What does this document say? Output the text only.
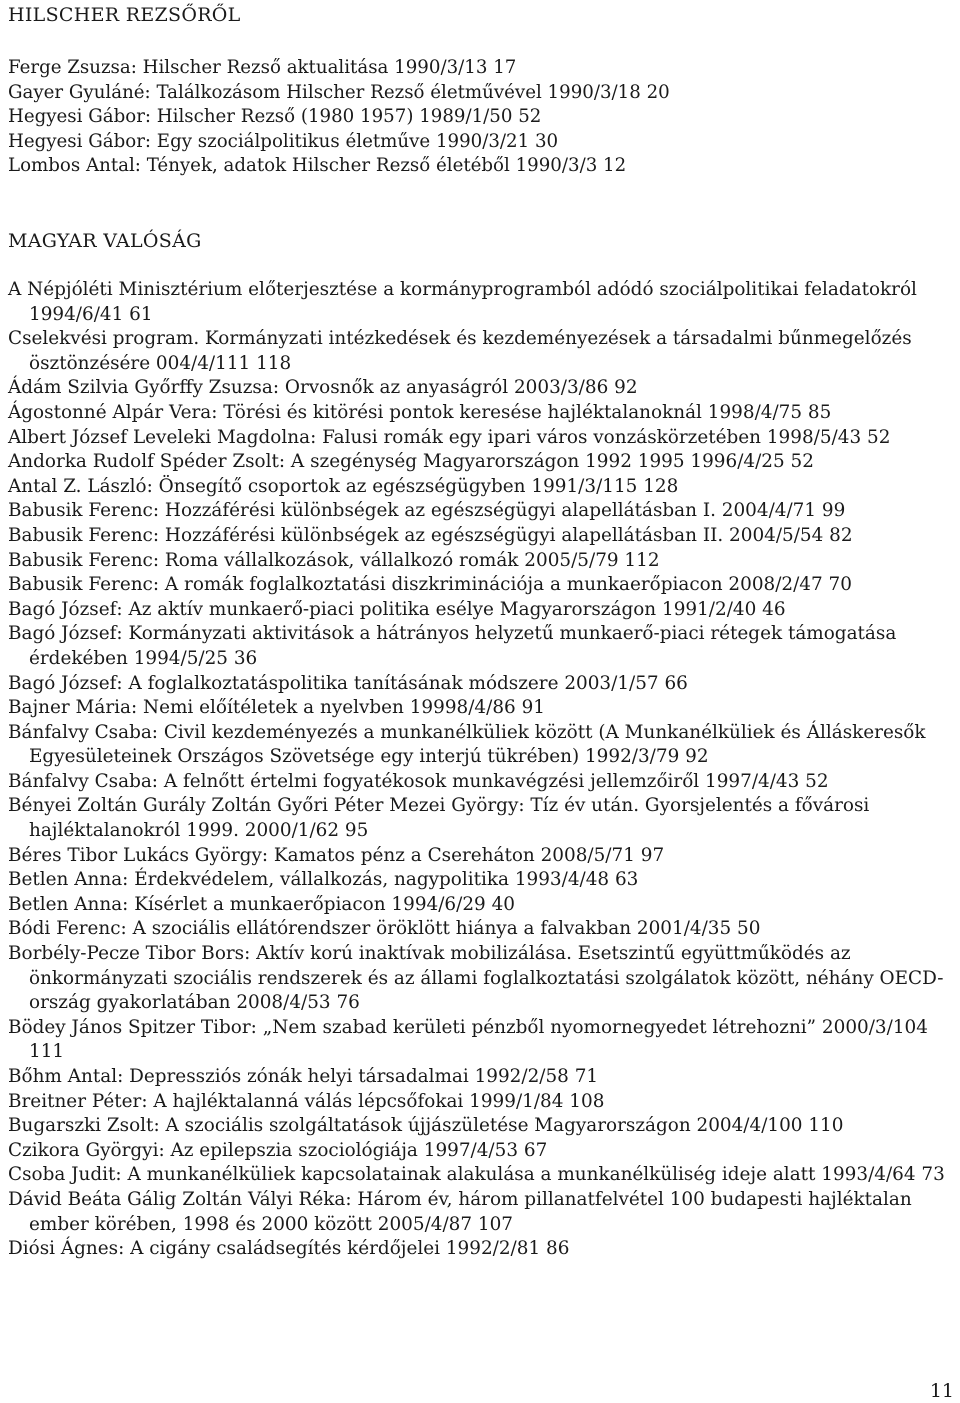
HILSCHER REZSŐRŐL
Ferge Zsuzsa: Hilscher Rezső aktualitása 1990/3/13 17
Gayer Gyuláné: Találkozásom Hilscher Rezső életművével 1990/3/18 20
Hegyesi Gábor: Hilscher Rezső (1980 1957) 1989/1/50 52
Hegyesi Gábor: Egy szociálpolitikus életműve 1990/3/21 30
Lombos Antal: Tények, adatok Hilscher Rezső életéből 1990/3/3 12
MAGYAR VALÓSÁG
A Népjóléti Minisztérium előterjesztése a kormányprogramból adódó szociálpolitikai feladatokról 1994/6/41 61
Cselekvési program. Kormányzati intézkedések és kezdeményezések a társadalmi bűnmegelőzés ösztönzésére 004/4/111 118
Ádám Szilvia Győrffy Zsuzsa: Orvosnők az anyaságról 2003/3/86 92
Ágostonné Alpár Vera: Törési és kitörési pontok keresése hajléktalanoknál 1998/4/75 85
Albert József Leveleki Magdolna: Falusi romák egy ipari város vonzáskörzetében 1998/5/43 52
Andorka Rudolf Spéder Zsolt: A szegénység Magyarországon 1992 1995 1996/4/25 52
Antal Z. László: Önsegítő csoportok az egészségügyben 1991/3/115 128
Babusik Ferenc: Hozzáférési különbségek az egészségügyi alapellátásban I. 2004/4/71 99
Babusik Ferenc: Hozzáférési különbségek az egészségügyi alapellátásban II. 2004/5/54 82
Babusik Ferenc: Roma vállalkozások, vállalkozó romák 2005/5/79 112
Babusik Ferenc: A romák foglalkoztatási diszkriminációja a munkaerőpiacon 2008/2/47 70
Bagó József: Az aktív munkaerő-piaci politika esélye Magyarországon 1991/2/40 46
Bagó József: Kormányzati aktivitások a hátrányos helyzetű munkaerő-piaci rétegek támogatása érdekében 1994/5/25 36
Bagó József: A foglalkoztatáspolitika tanításának módszere 2003/1/57 66
Bajner Mária: Nemi előítéletek a nyelvben 19998/4/86 91
Bánfalvy Csaba: Civil kezdeményezés a munkanélküliek között (A Munkanélküliek és Álláskeresők Egyesületeinek Országos Szövetsége egy interjú tükrében) 1992/3/79 92
Bánfalvy Csaba: A felnőtt értelmi fogyatékosok munkavégzési jellemzőiről 1997/4/43 52
Bényei Zoltán Gurály Zoltán Győri Péter Mezei György: Tíz év után. Gyorsjelentés a fővárosi hajléktalanokról 1999. 2000/1/62 95
Béres Tibor Lukács György: Kamatos pénz a Csereháton 2008/5/71 97
Betlen Anna: Érdekvédelem, vállalkozás, nagypolitika 1993/4/48 63
Betlen Anna: Kísérlet a munkaerőpiacon 1994/6/29 40
Bódi Ferenc: A szociális ellátórendszer öröklött hiánya a falvakban 2001/4/35 50
Borbély-Pecze Tibor Bors: Aktív korú inaktívak mobilizálása. Esetszintű együttműködés az önkormányzati szociális rendszerek és az állami foglalkoztatási szolgálatok között, néhány OECD-ország gyakorlatában 2008/4/53 76
Bödey János Spitzer Tibor: „Nem szabad kerületi pénzből nyomornegyedet létrehozni” 2000/3/104 111
Bőhm Antal: Depressziós zónák helyi társadalmai 1992/2/58 71
Breitner Péter: A hajléktalanná válás lépcsőfokai 1999/1/84 108
Bugarszki Zsolt: A szociális szolgáltatások újjászületése Magyarországon 2004/4/100 110
Czikora Györgyi: Az epilepszia szociológiája 1997/4/53 67
Csoba Judit: A munkanélküliek kapcsolatainak alakulása a munkanélküliség ideje alatt 1993/4/64 73
Dávid Beáta Gálig Zoltán Vályi Réka: Három év, három pillanatfelvétel 100 budapesti hajléktalan ember körében, 1998 és 2000 között 2005/4/87 107
Diósi Ágnes: A cigány családsegítés kérdőjelei 1992/2/81 86
11
